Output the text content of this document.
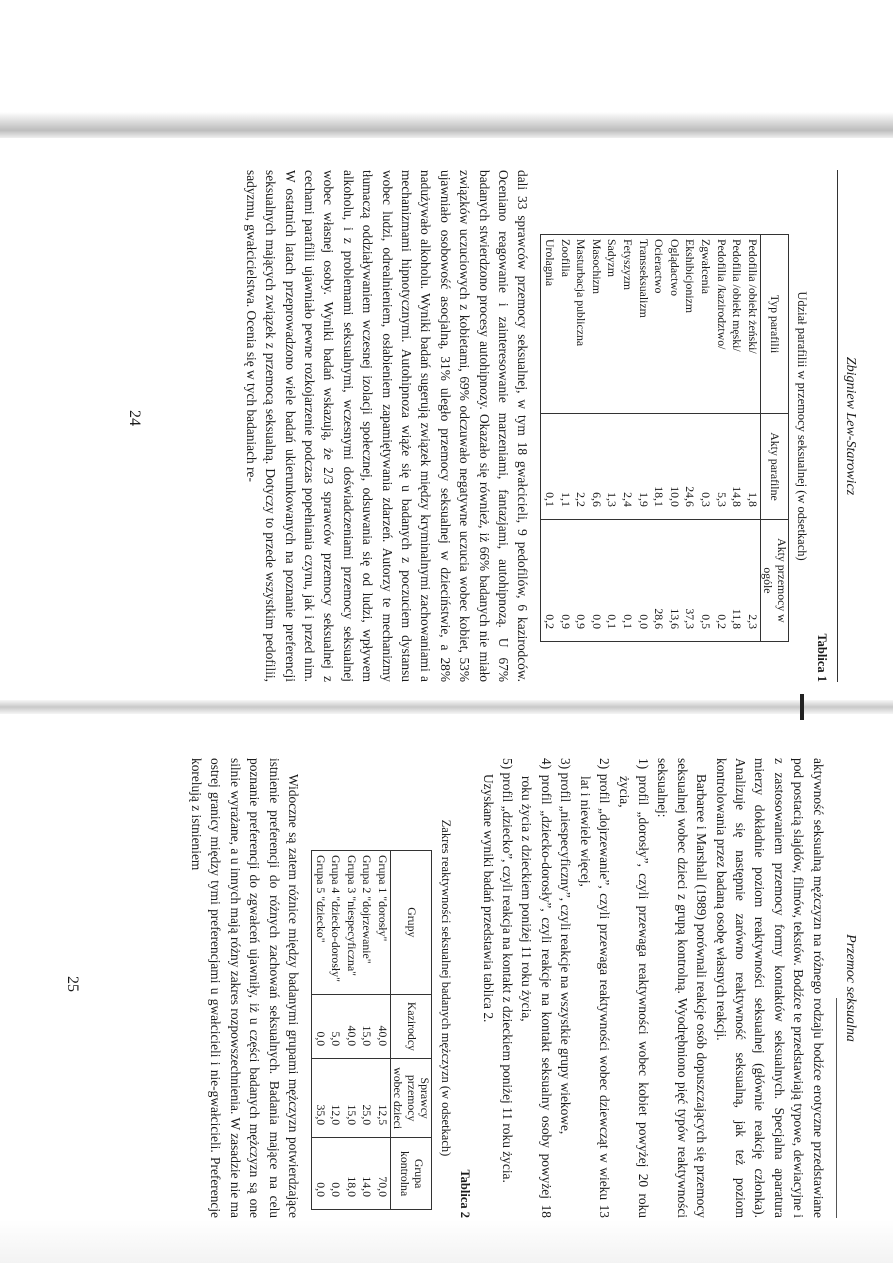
Zbigniew Lew-Starowicz
Tablica 1
Udział parafilii w przemocy seksualnej (w odsetkach)
Typ parafilii	Akty parafilne	Akty przemocy w ogóle
Pedofilia /obiekt żeński/	1,8	2,3
Pedofilia /obiekt męski/	14,8	11,8
Pedofilia /kazirodztwo/	5,3	0,2
Zgwałcenia	0,3	0,5
Ekshibicjonizm	24,6	37,3
Oglądactwo	10,0	13,6
Ocieractwo	18,1	28,6
Transseksualizm	1,9	0,0
Fetyszyzm	2,4	0,1
Sadyzm	1,3	0,1
Masochizm	6,6	0,0
Masturbacja publiczna	2,2	0,9
Zoofilia	1,1	0,9
Urolagnia	0,1	0,2

dali 33 sprawców przemocy seksualnej, w tym 18 gwałcicieli, 9 pedofilów, 6 kazirodców. Oceniano reagowanie i zainteresowanie marzeniami, fantazjami, autohipnozą. U 67% badanych stwierdzono procesy autohipnozy. Okazało się również, iż 66% badanych nie miało związków uczuciowych z kobietami, 69% odczuwało negatywne uczucia wobec kobiet, 53% ujawniało osobowość asocjalną, 31% uległo przemocy seksualnej w dzieciństwie, a 28% nadużywało alkoholu. Wyniki badań sugerują związek między kryminalnymi zachowaniami a mechanizmami hipnotycznymi. Autohipnoza wiąże się u badanych z poczuciem dystansu wobec ludzi, odrealnieniem, osłabieniem zapamiętywania zdarzeń. Autorzy te mechanizmy tłumaczą oddziaływaniem wczesnej izolacji społecznej, odsuwania się od ludzi, wpływem alkoholu, i z problemami seksualnymi, wczesnymi doświadczeniami przemocy seksualnej wobec własnej osoby. Wyniki badań wskazują, że 2/3 sprawców przemocy seksualnej z cechami parafilii ujawniało pewne rozkojarzenie podczas popełniania czynu, jak i przed nim. W ostatnich latach przeprowadzono wiele badań ukierunkowanych na poznanie preferencji seksualnych mających związek z przemocą seksualną. Dotyczy to przede wszystkim pedofilii, sadyzmu, gwałcicielstwa. Ocenia się w tych badaniach re-

24
Przemoc seksualna

aktywność seksualną mężczyzn na różnego rodzaju bodźce erotyczne przedstawiane pod postacią slajdów, filmów, tekstów. Bodźce te przedstawiają typowe, dewiacyjne i z zastosowaniem przemocy formy kontaktów seksualnych. Specjalna aparatura mierzy dokładnie poziom reaktywności seksualnej (głównie reakcję członka). Analizuje się następnie zarówno reaktywność seksualną, jak też poziom kontrolowania przez badaną osobę własnych reakcji.

Barbaree i Marshall (1989) porównali reakcje osób dopuszczających się przemocy seksualnej wobec dzieci z grupą kontrolną. Wyodrębniono pięć typów reaktywności seksualnej:

1) profil „dorosły”, czyli przewaga reaktywności wobec kobiet powyżej 20 roku życia,

2) profil „dojrzewanie”, czyli przewaga reaktywności wobec dziewcząt w wieku 13 lat i niewiele więcej,

3) profil „niespecyficzny”, czyli reakcje na wszystkie grupy wiekowe,

4) profil „dziecko-dorosły”, czyli reakcje na kontakt seksualny osoby powyżej 18 roku życia z dzieckiem poniżej 11 roku życia,

5) profil „dziecko”, czyli reakcja na kontakt z dzieckiem poniżej 11 roku życia.

Uzyskane wyniki badań przedstawia tablica 2.

Tablica 2
Zakres reaktywności seksualnej badanych mężczyzn (w odsetkach)
Grupy	Kazirodcy	Sprawcy przemocy wobec dzieci	Grupa kontrolna
Grupa 1 "dorosły"	40,0	12,5	70,0
Grupa 2 "dojrzewanie"	15,0	25,0	14,0
Grupa 3 "niespecyficzna"	40,0	15,0	18,0
Grupa 4 "dziecko-dorosły"	5,0	12,0	0,0
Grupa 5 "dziecko"	0,0	35,0	0,0

Widoczne są zatem różnice między badanymi grupami mężczyzn potwierdzające istnienie preferencji do różnych zachowań seksualnych. Badania mające na celu poznanie preferencji do zgwałceń ujawniły, iż u części badanych mężczyzn są one silnie wyrażane, a u innych mają różny zakres rozpowszechnienia. W zasadzie nie ma ostrej granicy między tymi preferencjami u gwałcicieli i nie-gwałcicieli. Preferencje korelują z istnieniem

25
